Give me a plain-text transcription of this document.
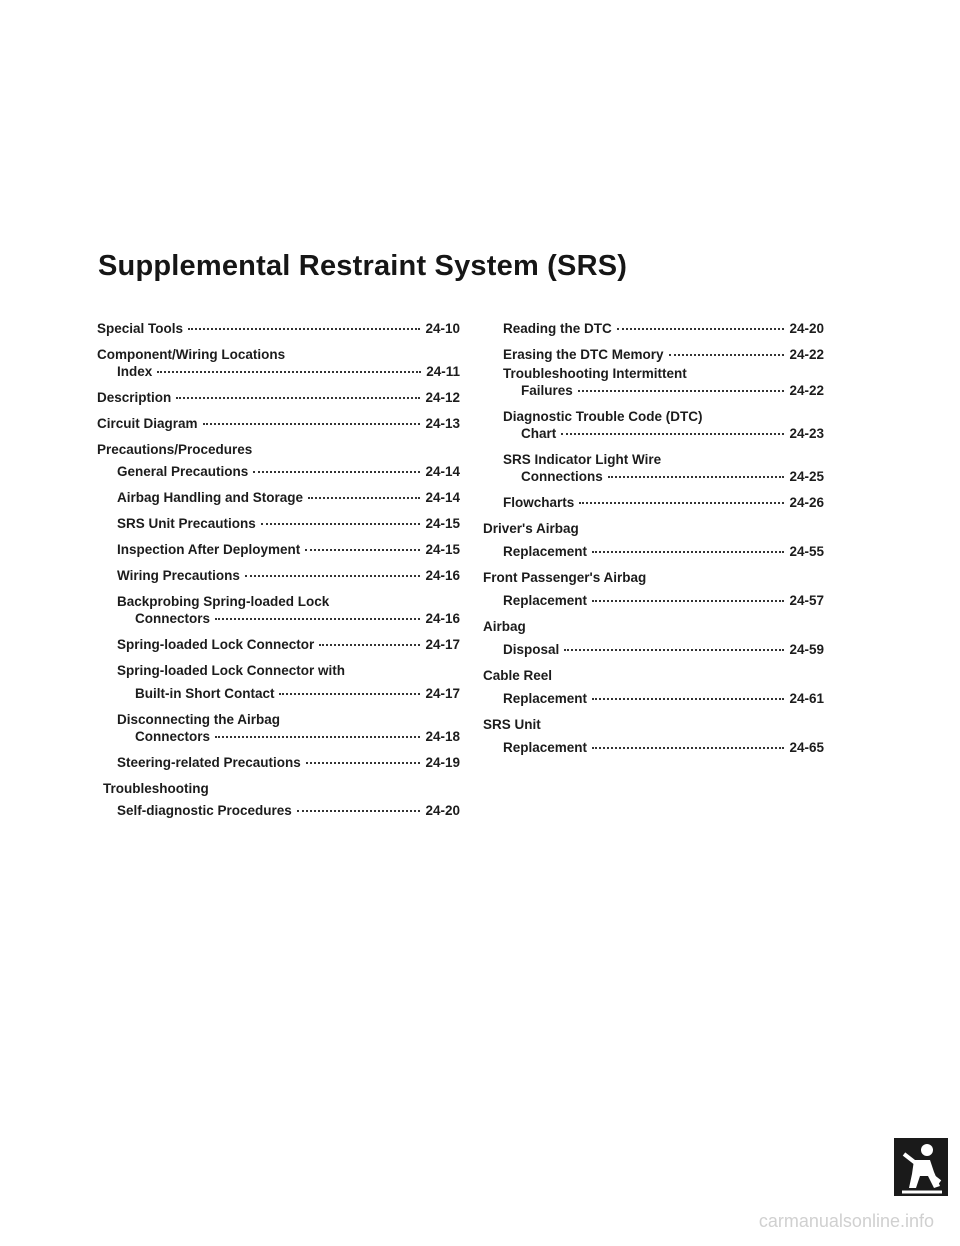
Supplemental Restraint System (SRS)
Special Tools	24-10
Component/Wiring Locations
Index	24-11
Description	24-12
Circuit Diagram	24-13
Precautions/Procedures
General Precautions	24-14
Airbag Handling and Storage	24-14
SRS Unit Precautions	24-15
Inspection After Deployment	24-15
Wiring Precautions	24-16
Backprobing Spring-loaded Lock
Connectors	24-16
Spring-loaded Lock Connector	24-17
Spring-loaded Lock Connector with
Built-in Short Contact	24-17
Disconnecting the Airbag
Connectors	24-18
Steering-related Precautions	24-19
Troubleshooting
Self-diagnostic Procedures	24-20
Reading the DTC	24-20
Erasing the DTC Memory	24-22
Troubleshooting Intermittent
Failures	24-22
Diagnostic Trouble Code (DTC)
Chart	24-23
SRS Indicator Light Wire
Connections	24-25
Flowcharts	24-26
Driver's Airbag
Replacement	24-55
Front Passenger's Airbag
Replacement	24-57
Airbag
Disposal	24-59
Cable Reel
Replacement	24-61
SRS Unit
Replacement	24-65
carmanualsonline.info
